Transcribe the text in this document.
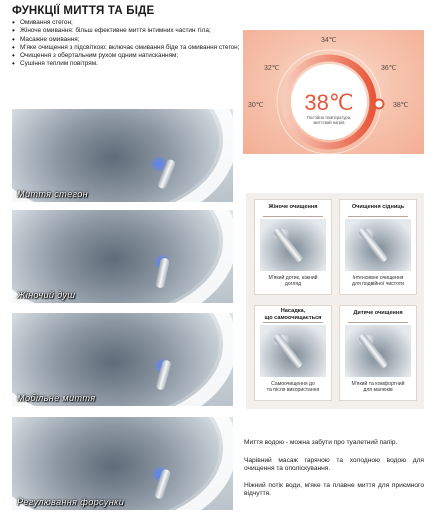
ФУНКЦІЇ МИТТЯ ТА БІДЕ
• Омивання стегон;
• Жіноче омивання: більш ефективне миття інтимних частин тіла;
• Масажне омивання;
• М'яке очищення з підсвіткою: включає омивання біде та омивання стегон;
• Очищення з обертальним рухом одним натисканням;
• Сушіння теплим повітрям.
Миття стегон
Жіночий душ
Мобільне миття
Регулювання форсунки
38℃
Постійна температура,
миттєвий нагрів
30℃
32℃
34℃
36℃
38℃
Жіноче очищення
М'який дотик, ніжний
догляд
Очищення сідниць
Інтенсивне очищення
для подвійної чистоти
Насадка,
що самоочищається
Самоочищення до
та після використання
Дитяче очищення
М'який та комфортний
для малюків

Миття водою - можна забути про туалетний папір.

Чарівний масаж гарячою та холодною водою для очищення та ополіскування.

Ніжний потік води, м'яке та плавне миття для приємного відчуття.
